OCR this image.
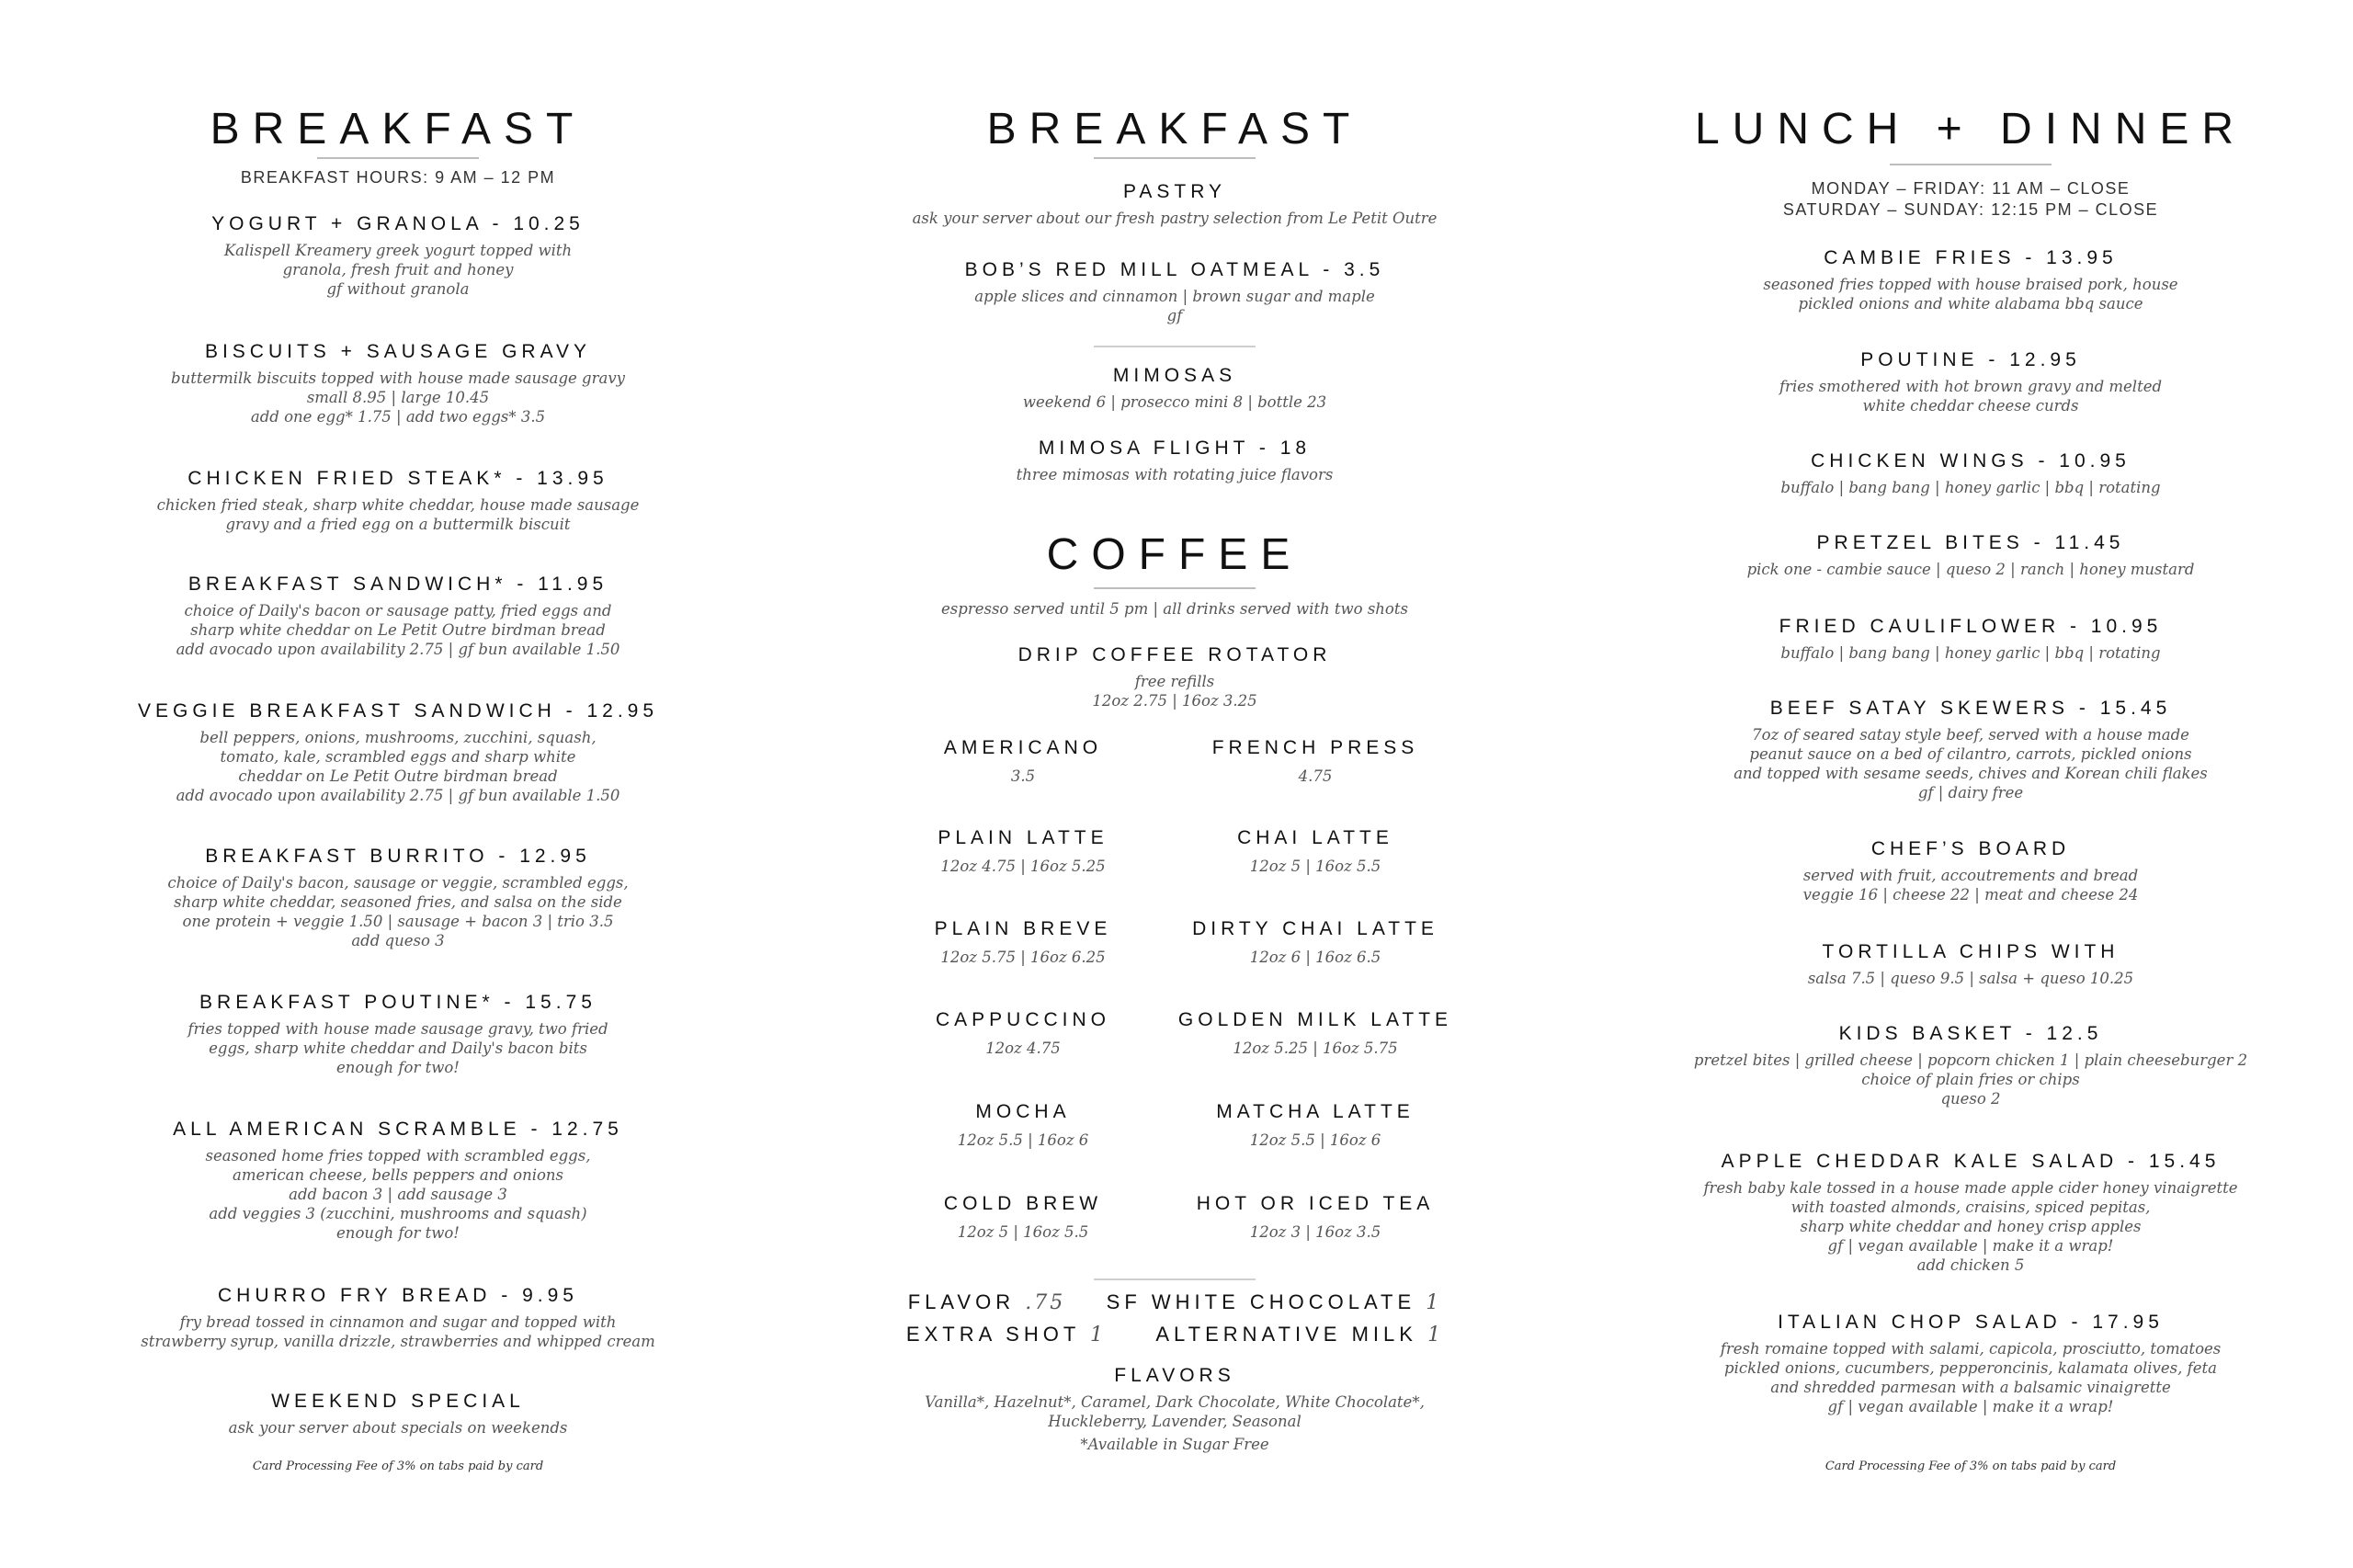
BREAKFAST
BREAKFAST HOURS: 9 AM – 12 PM
YOGURT + GRANOLA - 10.25
Kalispell Kreamery greek yogurt topped with
granola, fresh fruit and honey
gf without granola
BISCUITS + SAUSAGE GRAVY
buttermilk biscuits topped with house made sausage gravy
small 8.95 | large 10.45
add one egg* 1.75 | add two eggs* 3.5
CHICKEN FRIED STEAK* - 13.95
chicken fried steak, sharp white cheddar, house made sausage
gravy and a fried egg on a buttermilk biscuit
BREAKFAST SANDWICH* - 11.95
choice of Daily's bacon or sausage patty, fried eggs and
sharp white cheddar on Le Petit Outre birdman bread
add avocado upon availability 2.75 | gf bun available 1.50
VEGGIE BREAKFAST SANDWICH - 12.95
bell peppers, onions, mushrooms, zucchini, squash,
tomato, kale, scrambled eggs and sharp white
cheddar on Le Petit Outre birdman bread
add avocado upon availability 2.75 | gf bun available 1.50
BREAKFAST BURRITO - 12.95
choice of Daily's bacon, sausage or veggie, scrambled eggs,
sharp white cheddar, seasoned fries, and salsa on the side
one protein + veggie 1.50 | sausage + bacon 3 | trio 3.5
add queso 3
BREAKFAST POUTINE* - 15.75
fries topped with house made sausage gravy, two fried
eggs, sharp white cheddar and Daily's bacon bits
enough for two!
ALL AMERICAN SCRAMBLE - 12.75
seasoned home fries topped with scrambled eggs,
american cheese, bells peppers and onions
add bacon 3 | add sausage 3
add veggies 3 (zucchini, mushrooms and squash)
enough for two!
CHURRO FRY BREAD - 9.95
fry bread tossed in cinnamon and sugar and topped with
strawberry syrup, vanilla drizzle, strawberries and whipped cream
WEEKEND SPECIAL
ask your server about specials on weekends
Card Processing Fee of 3% on tabs paid by card
BREAKFAST
PASTRY
ask your server about our fresh pastry selection from Le Petit Outre
BOB’S RED MILL OATMEAL - 3.5
apple slices and cinnamon | brown sugar and maple
gf
MIMOSAS
weekend 6 | prosecco mini 8 | bottle 23
MIMOSA FLIGHT - 18
three mimosas with rotating juice flavors
COFFEE
espresso served until 5 pm | all drinks served with two shots
DRIP COFFEE ROTATOR
free refills
12oz 2.75 | 16oz 3.25
AMERICANO
3.5
FRENCH PRESS
4.75
PLAIN LATTE
12oz 4.75 | 16oz 5.25
CHAI LATTE
12oz 5 | 16oz 5.5
PLAIN BREVE
12oz 5.75 | 16oz 6.25
DIRTY CHAI LATTE
12oz 6 | 16oz 6.5
CAPPUCCINO
12oz 4.75
GOLDEN MILK LATTE
12oz 5.25 | 16oz 5.75
MOCHA
12oz 5.5 | 16oz 6
MATCHA LATTE
12oz 5.5 | 16oz 6
COLD BREW
12oz 5 | 16oz 5.5
HOT OR ICED TEA
12oz 3 | 16oz 3.5
FLAVOR .75 SF WHITE CHOCOLATE 1
EXTRA SHOT 1 ALTERNATIVE MILK 1
FLAVORS
Vanilla*, Hazelnut*, Caramel, Dark Chocolate, White Chocolate*,
Huckleberry, Lavender, Seasonal
*Available in Sugar Free
LUNCH + DINNER
MONDAY – FRIDAY: 11 AM – CLOSE
SATURDAY – SUNDAY: 12:15 PM – CLOSE
CAMBIE FRIES - 13.95
seasoned fries topped with house braised pork, house
pickled onions and white alabama bbq sauce
POUTINE - 12.95
fries smothered with hot brown gravy and melted
white cheddar cheese curds
CHICKEN WINGS - 10.95
buffalo | bang bang | honey garlic | bbq | rotating
PRETZEL BITES - 11.45
pick one - cambie sauce | queso 2 | ranch | honey mustard
FRIED CAULIFLOWER - 10.95
buffalo | bang bang | honey garlic | bbq | rotating
BEEF SATAY SKEWERS - 15.45
7oz of seared satay style beef, served with a house made
peanut sauce on a bed of cilantro, carrots, pickled onions
and topped with sesame seeds, chives and Korean chili flakes
gf | dairy free
CHEF’S BOARD
served with fruit, accoutrements and bread
veggie 16 | cheese 22 | meat and cheese 24
TORTILLA CHIPS WITH
salsa 7.5 | queso 9.5 | salsa + queso 10.25
KIDS BASKET - 12.5
pretzel bites | grilled cheese | popcorn chicken 1 | plain cheeseburger 2
choice of plain fries or chips
queso 2
APPLE CHEDDAR KALE SALAD - 15.45
fresh baby kale tossed in a house made apple cider honey vinaigrette
with toasted almonds, craisins, spiced pepitas,
sharp white cheddar and honey crisp apples
gf | vegan available | make it a wrap!
add chicken 5
ITALIAN CHOP SALAD - 17.95
fresh romaine topped with salami, capicola, prosciutto, tomatoes
pickled onions, cucumbers, pepperoncinis, kalamata olives, feta
and shredded parmesan with a balsamic vinaigrette
gf | vegan available | make it a wrap!
Card Processing Fee of 3% on tabs paid by card
